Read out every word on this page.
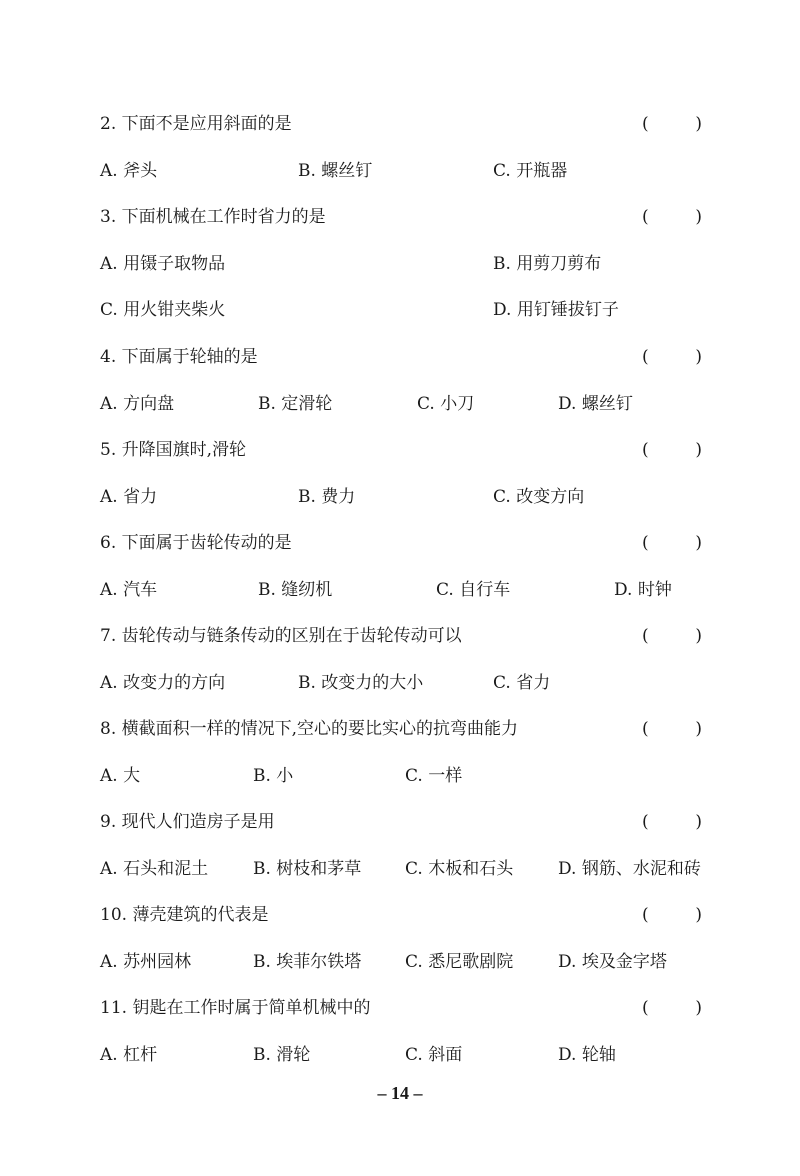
2. 下面不是应用斜面的是	(	)
A. 斧头	B. 螺丝钉	C. 开瓶器
3. 下面机械在工作时省力的是	(	)
A. 用镊子取物品	B. 用剪刀剪布
C. 用火钳夹柴火	D. 用钉锤拔钉子
4. 下面属于轮轴的是	(	)
A. 方向盘	B. 定滑轮	C. 小刀	D. 螺丝钉
5. 升降国旗时,滑轮	(	)
A. 省力	B. 费力	C. 改变方向
6. 下面属于齿轮传动的是	(	)
A. 汽车	B. 缝纫机	C. 自行车	D. 时钟
7. 齿轮传动与链条传动的区别在于齿轮传动可以	(	)
A. 改变力的方向	B. 改变力的大小	C. 省力
8. 横截面积一样的情况下,空心的要比实心的抗弯曲能力	(	)
A. 大	B. 小	C. 一样
9. 现代人们造房子是用	(	)
A. 石头和泥土	B. 树枝和茅草	C. 木板和石头	D. 钢筋、水泥和砖
10. 薄壳建筑的代表是	(	)
A. 苏州园林	B. 埃菲尔铁塔	C. 悉尼歌剧院	D. 埃及金字塔
11. 钥匙在工作时属于简单机械中的	(	)
A. 杠杆	B. 滑轮	C. 斜面	D. 轮轴
– 14 –
